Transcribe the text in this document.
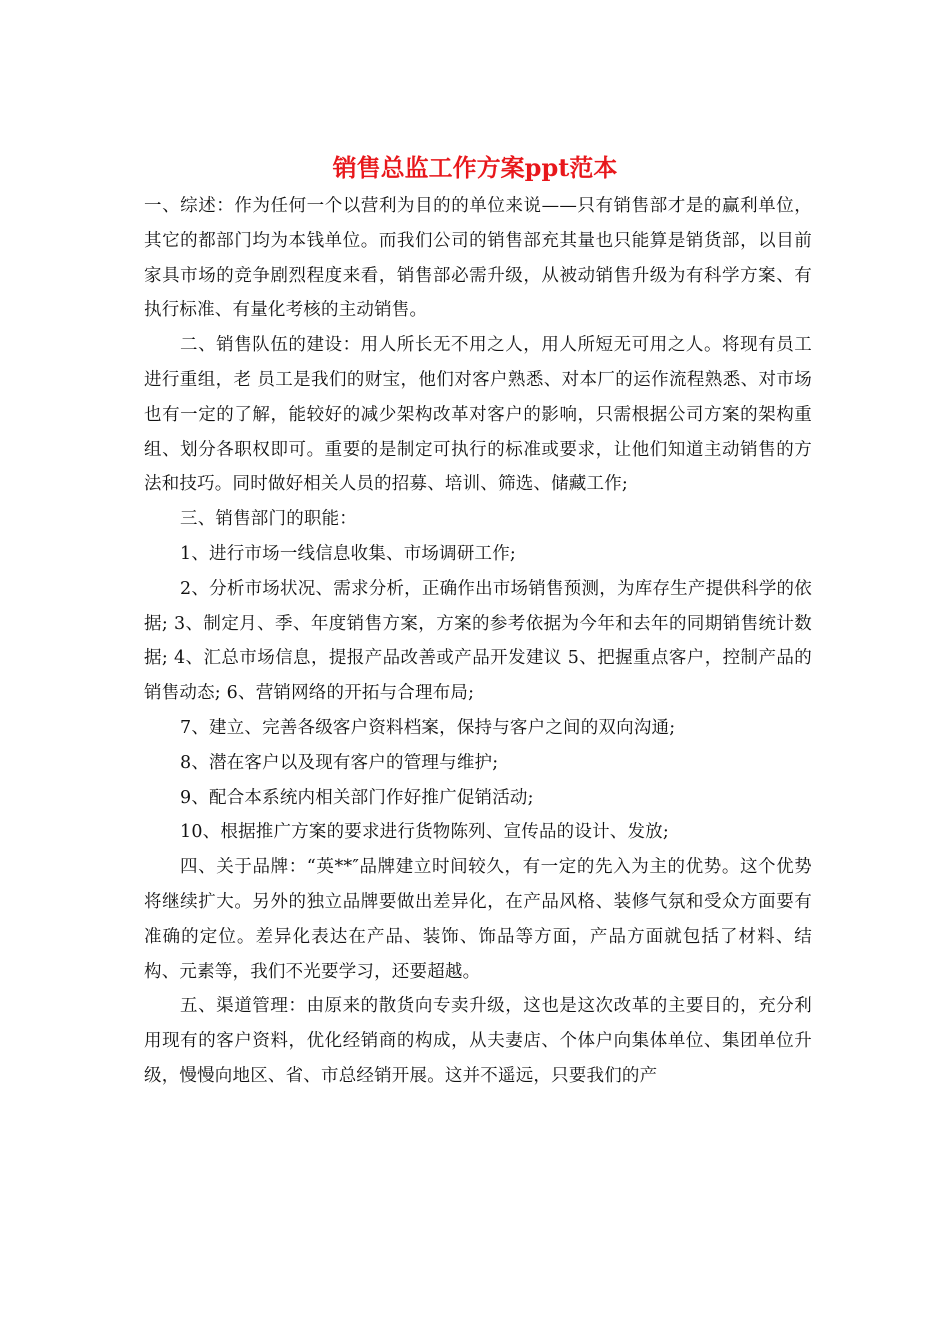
销售总监工作方案ppt范本

一、综述：作为任何一个以营利为目的的单位来说——只有销售部才是的赢利单位，其它的都部门均为本钱单位。而我们公司的销售部充其量也只能算是销货部，以目前家具市场的竞争剧烈程度来看，销售部必需升级，从被动销售升级为有科学方案、有执行标准、有量化考核的主动销售。

二、销售队伍的建设：用人所长无不用之人，用人所短无可用之人。将现有员工进行重组，老 员工是我们的财宝，他们对客户熟悉、对本厂的运作流程熟悉、对市场也有一定的了解，能较好的减少架构改革对客户的影响，只需根据公司方案的架构重组、划分各职权即可。重要的是制定可执行的标准或要求，让他们知道主动销售的方法和技巧。同时做好相关人员的招募、培训、筛选、储藏工作;

三、销售部门的职能：

1、进行市场一线信息收集、市场调研工作;

2、分析市场状况、需求分析，正确作出市场销售预测，为库存生产提供科学的依据; 3、制定月、季、年度销售方案，方案的参考依据为今年和去年的同期销售统计数据; 4、汇总市场信息，提报产品改善或产品开发建议 5、把握重点客户，控制产品的销售动态; 6、营销网络的开拓与合理布局;

7、建立、完善各级客户资料档案，保持与客户之间的双向沟通;

8、潜在客户以及现有客户的管理与维护;

9、配合本系统内相关部门作好推广促销活动;

10、根据推广方案的要求进行货物陈列、宣传品的设计、发放;

四、关于品牌：“英**″品牌建立时间较久，有一定的先入为主的优势。这个优势将继续扩大。另外的独立品牌要做出差异化，在产品风格、装修气氛和受众方面要有准确的定位。差异化表达在产品、装饰、饰品等方面，产品方面就包括了材料、结构、元素等，我们不光要学习，还要超越。

五、渠道管理：由原来的散货向专卖升级，这也是这次改革的主要目的，充分利用现有的客户资料，优化经销商的构成，从夫妻店、个体户向集体单位、集团单位升级，慢慢向地区、省、市总经销开展。这并不遥远，只要我们的产
